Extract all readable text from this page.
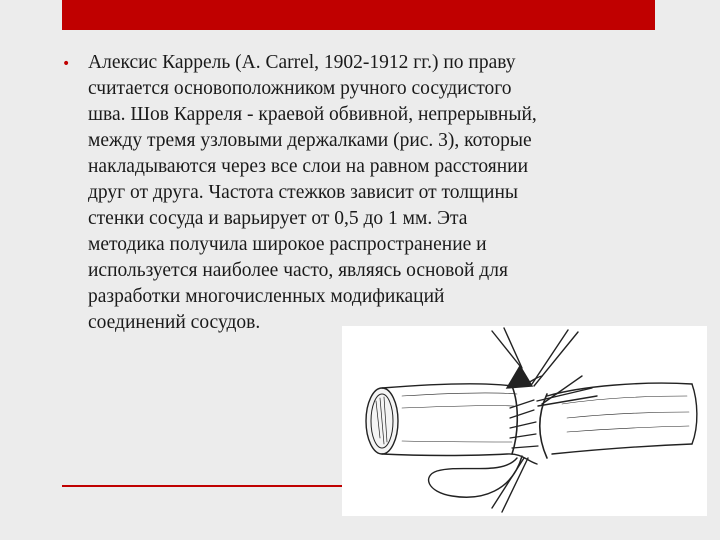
• Алексис Каррель (A. Carrel, 1902-1912 гг.) по праву
считается основоположником ручного сосудистого
шва. Шов Карреля - краевой обвивной, непрерывный,
между тремя узловыми держалками (рис. 3), которые
накладываются через все слои на равном расстоянии
друг от друга. Частота стежков зависит от толщины
стенки сосуда и варьирует от 0,5 до 1 мм. Эта
методика получила широкое распространение и
используется наиболее часто, являясь основой для
разработки многочисленных модификаций
соединений сосудов.
